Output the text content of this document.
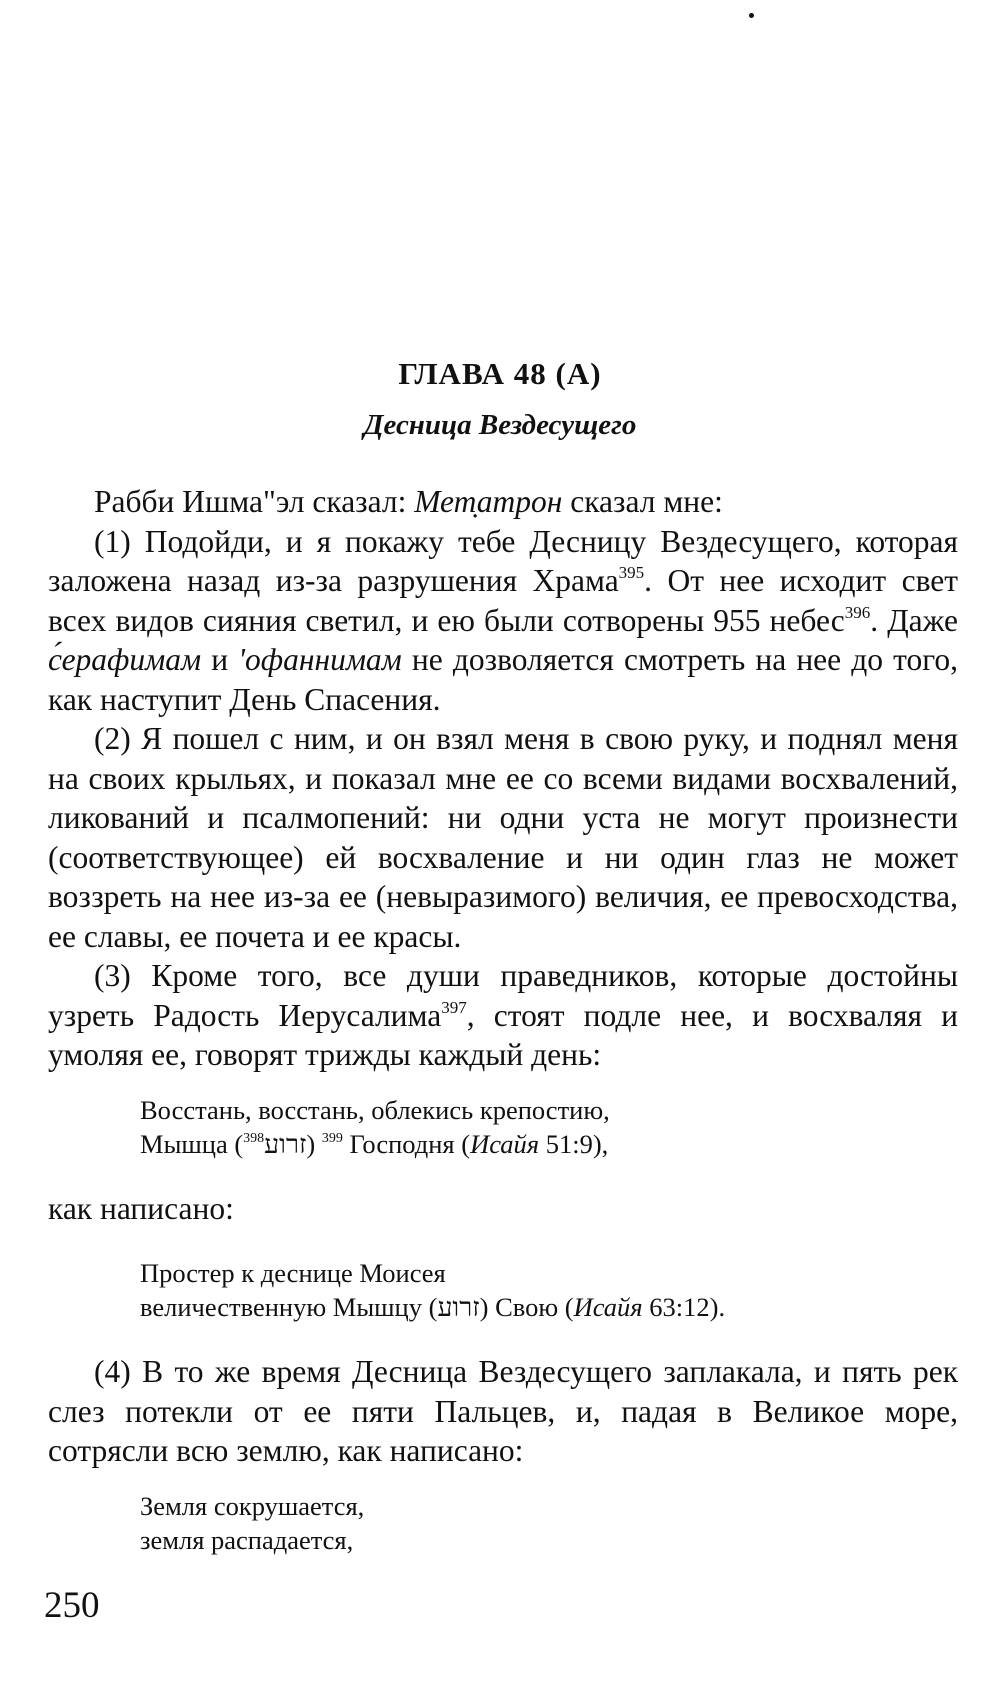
ГЛАВА 48 (А)
Десница Вездесущего

Рабби Ишма"эл сказал: Мет̣атрон сказал мне:

(1) Подойди, и я покажу тебе Десницу Вездесущего, которая заложена назад из-за разрушения Храма$^{395}$. От нее исходит свет всех видов сияния светил, и ею были сотворены 955 небес$^{396}$. Даже с́ерафимам и 'офаннимам не дозволяется смотреть на нее до того, как наступит День Спасения.

(2) Я пошел с ним, и он взял меня в свою руку, и поднял меня на своих крыльях, и показал мне ее со всеми видами восхвалений, ликований и псалмопений: ни одни уста не могут произнести (соответствующее) ей восхваление и ни один глаз не может воззреть на нее из-за ее (невыразимого) величия, ее превосходства, ее славы, ее почета и ее красы.

(3) Кроме того, все души праведников, которые достойны узреть Радость Иерусалима$^{397}$, стоят подле нее, и восхваляя и умоляя ее, говорят трижды каждый день:

Восстань, восстань, облекись крепостию,
Мышца ($^{398}$זרוע) $^{399}$ Господня (Исайя 51:9),

как написано:

Простер к деснице Моисея
величественную Мышцу (זרוע) Свою (Исайя 63:12).

(4) В то же время Десница Вездесущего заплакала, и пять рек слез потекли от ее пяти Пальцев, и, падая в Великое море, сотрясли всю землю, как написано:

Земля сокрушается,
земля распадается,
250
